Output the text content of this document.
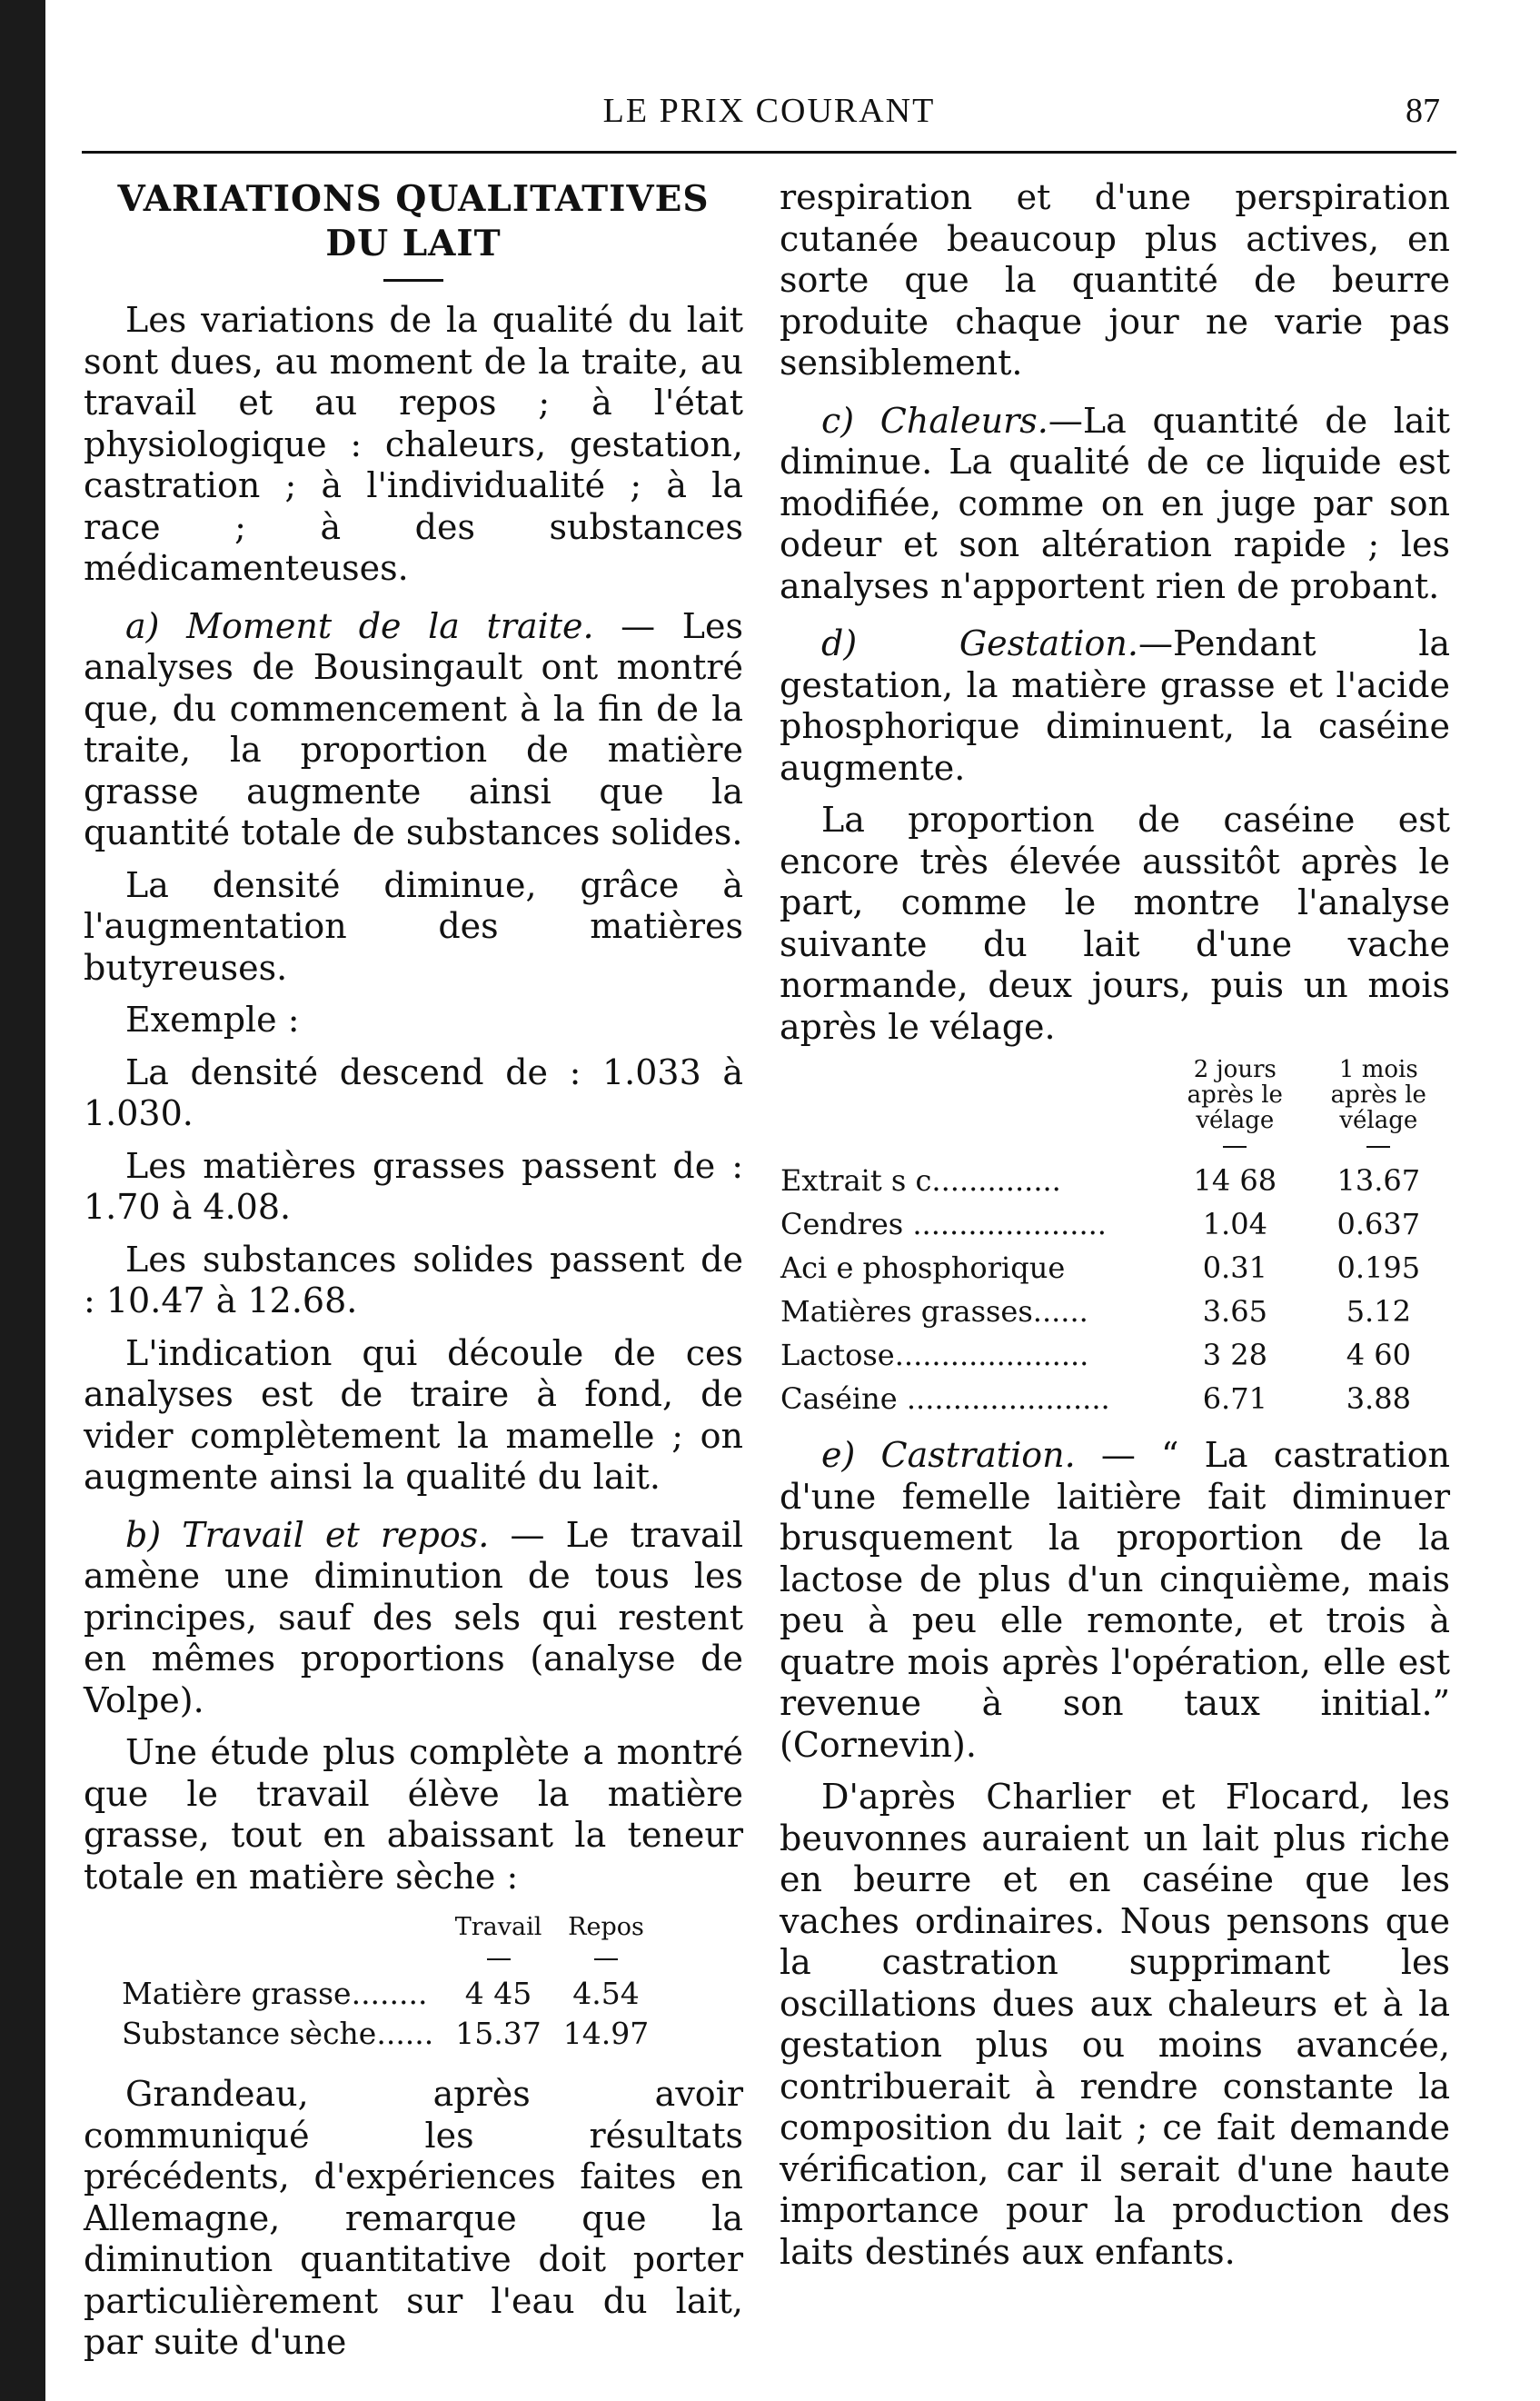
LE PRIX COURANT	87
VARIATIONS QUALITATIVES
DU LAIT

Les variations de la qualité du lait sont dues, au moment de la traite, au travail et au repos ; à l'état physiologique : chaleurs, gestation, castration ; à l'individualité ; à la race ; à des substances médicamenteuses.

a) Moment de la traite. — Les analyses de Bousingault ont montré que, du commencement à la fin de la traite, la proportion de matière grasse augmente ainsi que la quantité totale de substances solides.

La densité diminue, grâce à l'augmentation des matières butyreuses.

Exemple :

La densité descend de : 1.033 à 1.030.

Les matières grasses passent de : 1.70 à 4.08.

Les substances solides passent de : 10.47 à 12.68.

L'indication qui découle de ces analyses est de traire à fond, de vider complètement la mamelle ; on augmente ainsi la qualité du lait.

b) Travail et repos. — Le travail amène une diminution de tous les principes, sauf des sels qui restent en mêmes proportions (analyse de Volpe).

Une étude plus complète a montré que le travail élève la matière grasse, tout en abaissant la teneur totale en matière sèche :

	Travail	Repos

Matière grasse........	4 45	4.54
Substance sèche......	15.37	14.97

Grandeau, après avoir communiqué les résultats précédents, d'expériences faites en Allemagne, remarque que la diminution quantitative doit porter particulièrement sur l'eau du lait, par suite d'une

respiration et d'une perspiration cutanée beaucoup plus actives, en sorte que la quantité de beurre produite chaque jour ne varie pas sensiblement.

c) Chaleurs.—La quantité de lait diminue. La qualité de ce liquide est modifiée, comme on en juge par son odeur et son altération rapide ; les analyses n'apportent rien de probant.

d) Gestation.—Pendant la gestation, la matière grasse et l'acide phosphorique diminuent, la caséine augmente.

La proportion de caséine est encore très élevée aussitôt après le part, comme le montre l'analyse suivante du lait d'une vache normande, deux jours, puis un mois après le vélage.

	2 jours après le vélage	1 mois après le vélage

Extrait s c..............	14 68	13.67
Cendres .....................	1.04	0.637
Aci e phosphorique	0.31	0.195
Matières grasses......	3.65	5.12
Lactose.....................	3 28	4 60
Caséine ......................	6.71	3.88

e) Castration. — “ La castration d'une femelle laitière fait diminuer brusquement la proportion de la lactose de plus d'un cinquième, mais peu à peu elle remonte, et trois à quatre mois après l'opération, elle est revenue à son taux initial.” (Cornevin).

D'après Charlier et Flocard, les beuvonnes auraient un lait plus riche en beurre et en caséine que les vaches ordinaires. Nous pensons que la castration supprimant les oscillations dues aux chaleurs et à la gestation plus ou moins avancée, contribuerait à rendre constante la composition du lait ; ce fait demande vérification, car il serait d'une haute importance pour la production des laits destinés aux enfants.
